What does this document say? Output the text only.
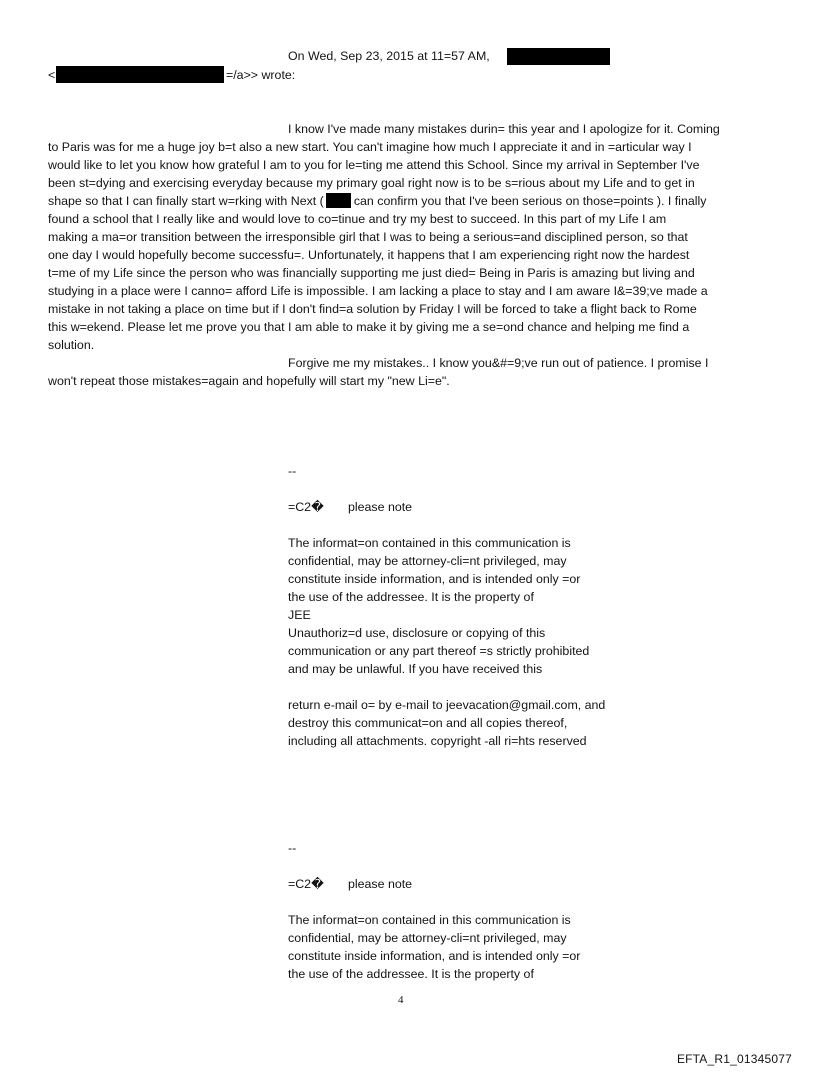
On Wed, Sep 23, 2015 at 11=57 AM,
<	=/a>> wrote:
I know I've made many mistakes durin= this year and I apologize for it. Coming
to Paris was for me a huge joy b=t also a new start. You can't imagine how much I appreciate it and in =articular way I
would like to let you know how grateful I am to you for le=ting me attend this School. Since my arrival in September I've
been st=dying and exercising everyday because my primary goal right now is to be s=rious about my Life and to get in
shape so that I can finally start w=rking with Next ( can confirm you that I've been serious on those=points ). I finally
found a school that I really like and would love to co=tinue and try my best to succeed. In this part of my Life I am
making a ma=or transition between the irresponsible girl that I was to being a serious=and disciplined person, so that
one day I would hopefully become successfu=. Unfortunately, it happens that I am experiencing right now the hardest
t=me of my Life since the person who was financially supporting me just died= Being in Paris is amazing but living and
studying in a place were I canno= afford Life is impossible. I am lacking a place to stay and I am aware I&=39;ve made a
mistake in not taking a place on time but if I don't find=a solution by Friday I will be forced to take a flight back to Rome
this w=ekend. Please let me prove you that I am able to make it by giving me a se=ond chance and helping me find a
solution.
Forgive me my mistakes.. I know you&#=9;ve run out of patience. I promise I
won't repeat those mistakes=again and hopefully will start my "new Li=e".
--
=C2� please note
The informat=on contained in this communication is
confidential, may be attorney-cli=nt privileged, may
constitute inside information, and is intended only =or
the use of the addressee. It is the property of
JEE
Unauthoriz=d use, disclosure or copying of this
communication or any part thereof =s strictly prohibited
and may be unlawful. If you have received this
return e-mail o= by e-mail to jeevacation@gmail.com, and
destroy this communicat=on and all copies thereof,
including all attachments. copyright -all ri=hts reserved
--
=C2� please note
The informat=on contained in this communication is
confidential, may be attorney-cli=nt privileged, may
constitute inside information, and is intended only =or
the use of the addressee. It is the property of
4
EFTA_R1_01345077
